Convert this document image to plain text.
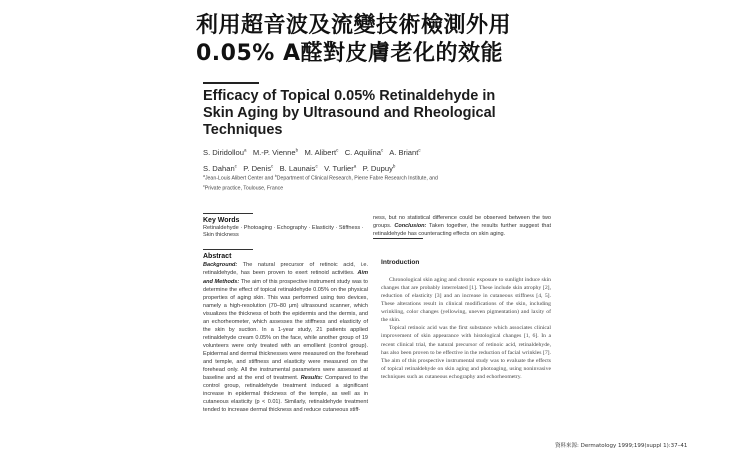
利用超音波及流變技術檢測外用
0.05% A醛對皮膚老化的效能
Efficacy of Topical 0.05% Retinaldehyde in Skin Aging by Ultrasound and Rheological Techniques
S. Diridollou$^a$ M.-P. Vienne$^b$ M. Alibert$^c$ C. Aquilina$^c$ A. Briant$^c$
S. Dahan$^c$ P. Denis$^c$ B. Launais$^c$ V. Turlier$^a$ P. Dupuy$^b$
$^a$Jean-Louis Alibert Center and $^b$Department of Clinical Research, Pierre Fabre Research Institute, and
$^c$Private practice, Toulouse, France
Key Words
Retinaldehyde · Photoaging · Echography · Elasticity · Stiffness · Skin thickness
Abstract
Background: The natural precursor of retinoic acid, i.e. retinaldehyde, has been proven to exert retinoid activities. Aim and Methods: The aim of this prospective instrument study was to determine the effect of topical retinaldehyde 0.05% on the physical properties of aging skin. This was performed using two devices, namely a high-resolution (70–80 μm) ultrasound scanner, which visualizes the thickness of both the epidermis and the dermis, and an echorheometer, which assesses the stiffness and elasticity of the skin by suction. In a 1-year study, 21 patients applied retinaldehyde cream 0.05% on the face, while another group of 19 volunteers were only treated with an emollient (control group). Epidermal and dermal thicknesses were measured on the forehead and temple, and stiffness and elasticity were measured on the forehead only. All the instrumental parameters were assessed at baseline and at the end of treatment. Results: Compared to the control group, retinaldehyde treatment induced a significant increase in epidermal thickness of the temple, as well as in cutaneous elasticity (p < 0.01). Similarly, retinaldehyde treatment tended to increase dermal thickness and reduce cutaneous stiff-
ness, but no statistical difference could be observed between the two groups. Conclusion: Taken together, the results further suggest that retinaldehyde has counteracting effects on skin aging.
Introduction

Chronological skin aging and chronic exposure to sunlight induce skin changes that are probably interrelated [1]. These include skin atrophy [2], reduction of elasticity [3] and an increase in cutaneous stiffness [4, 5]. These alterations result in clinical modifications of the skin, including wrinkling, color changes (yellowing, uneven pigmentation) and laxity of the skin.

Topical retinoic acid was the first substance which associates clinical improvement of skin appearance with histological changes [1, 6]. In a recent clinical trial, the natural precursor of retinoic acid, retinaldehyde, has also been proven to be effective in the reduction of facial wrinkles [7]. The aim of this prospective instrumental study was to evaluate the effects of topical retinaldehyde on skin aging and photoaging, using noninvasive techniques such as cutaneous echography and echorheometry.

資料來源: Dermatology 1999;199(suppl 1):37–41
